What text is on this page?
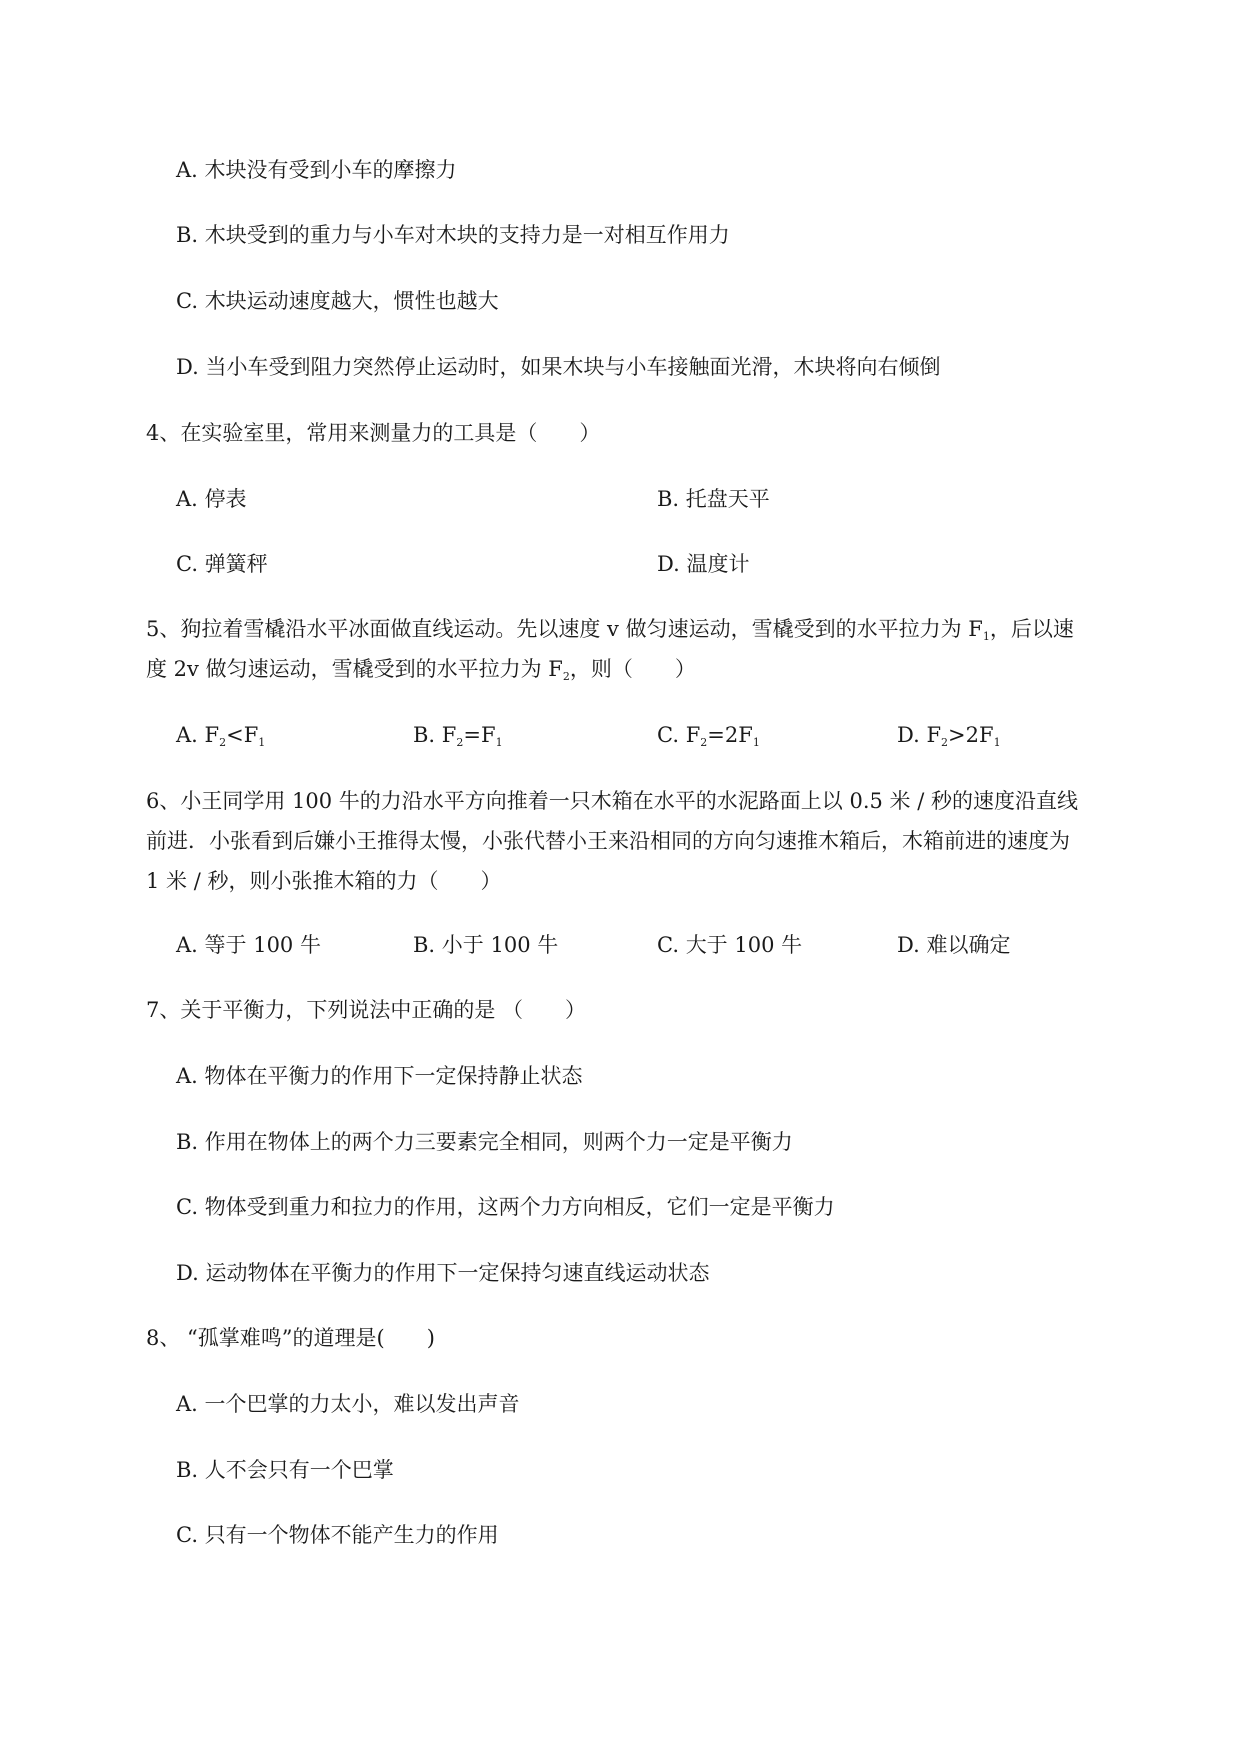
A. 木块没有受到小车的摩擦力
B. 木块受到的重力与小车对木块的支持力是一对相互作用力
C. 木块运动速度越大，惯性也越大
D. 当小车受到阻力突然停止运动时，如果木块与小车接触面光滑，木块将向右倾倒
4、在实验室里，常用来测量力的工具是（　　）
A. 停表	B. 托盘天平
C. 弹簧秤	D. 温度计
5、狗拉着雪橇沿水平冰面做直线运动。先以速度 v 做匀速运动，雪橇受到的水平拉力为 $F_1$，后以速
度 2v 做匀速运动，雪橇受到的水平拉力为 $F_2$，则（　　）
A. $F_2<F_1$	B. $F_2=F_1$	C. $F_2=2F_1$	D. $F_2>2F_1$
6、小王同学用 100 牛的力沿水平方向推着一只木箱在水平的水泥路面上以 0.5 米 / 秒的速度沿直线
前进．小张看到后嫌小王推得太慢，小张代替小王来沿相同的方向匀速推木箱后，木箱前进的速度为
1 米 / 秒，则小张推木箱的力（　　）
A. 等于 100 牛	B. 小于 100 牛	C. 大于 100 牛	D. 难以确定
7、关于平衡力，下列说法中正确的是 （　　）
A. 物体在平衡力的作用下一定保持静止状态
B. 作用在物体上的两个力三要素完全相同，则两个力一定是平衡力
C. 物体受到重力和拉力的作用，这两个力方向相反，它们一定是平衡力
D. 运动物体在平衡力的作用下一定保持匀速直线运动状态
8、 “孤掌难鸣”的道理是(　　)
A. 一个巴掌的力太小，难以发出声音
B. 人不会只有一个巴掌
C. 只有一个物体不能产生力的作用
